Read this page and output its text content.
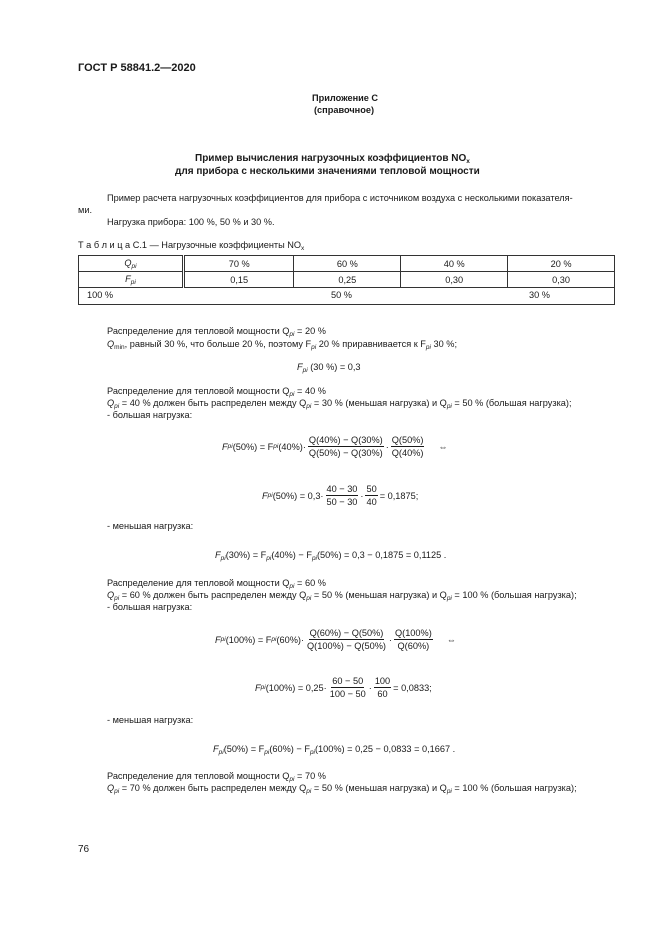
ГОСТ Р 58841.2—2020
Приложение С
(справочное)
Пример вычисления нагрузочных коэффициентов $NO_x$
для прибора с несколькими значениями тепловой мощности
Пример расчета нагрузочных коэффициентов для прибора с источником воздуха с несколькими показателя-
ми.
Нагрузка прибора: 100 %, 50 % и 30 %.
Т а б л и ц а С.1 — Нагрузочные коэффициенты $NO_x$
$Q_{pi}$	70 %	60 %	40 %	20 %
$F_{pi}$	0,15	0,25	0,30	0,30

100 % 50 % 30 %				
Распределение для тепловой мощности $Q_{pi} = 20$ %
$Q_{min}$, равный 30 %, что больше 20 %, поэтому $F_{pi}$ 20 % приравнивается к $F_{pi}$ 30 %;
$F_{pi}$ (30 %) = 0,3
Распределение для тепловой мощности $Q_{pi} = 40$ %
$Q_{pi} = 40$ % должен быть распределен между $Q_{pi} = 30$ % (меньшая нагрузка) и $Q_{pi} = 50$ % (большая нагрузка);
- большая нагрузка:
F pi (50%) = F pi $(40\%)\cdot \frac{Q(40\%) - Q(30\%)}{Q(50\%) - Q(30\%)} \cdot \frac{Q(50\%)}{Q(40\%)}$ ⇔
F pi $(50\%) = 0,3\cdot \frac{40 - 30}{50 - 30} \cdot \frac{50}{40} = 0,1875$;
- меньшая нагрузка:
$F_{pi}(30\%) = F_{pi}(40\%) - F_{pi}(50\%) = 0,3 - 0,1875 = 0,1125$ .
Распределение для тепловой мощности $Q_{pi} = 60$ %
$Q_{pi} = 60$ % должен быть распределен между $Q_{pi} = 50$ % (меньшая нагрузка) и $Q_{pi} = 100$ % (большая нагрузка);
- большая нагрузка:
F pi (100%) = F pi $(60\%)\cdot \frac{Q(60\%) - Q(50\%)}{Q(100\%) - Q(50\%)} \cdot \frac{Q(100\%)}{Q(60\%)}$ ⇔
F pi $(100\%) = 0,25\cdot \frac{60 - 50}{100 - 50} \cdot \frac{100}{60} = 0,0833$;
- меньшая нагрузка:
$F_{pi}(50\%) = F_{pi}(60\%) - F_{pi}(100\%) = 0,25 - 0,0833 = 0,1667$ .
Распределение для тепловой мощности $Q_{pi} = 70$ %
$Q_{pi} = 70$ % должен быть распределен между $Q_{pi} = 50$ % (меньшая нагрузка) и $Q_{pi} = 100$ % (большая нагрузка);
76
